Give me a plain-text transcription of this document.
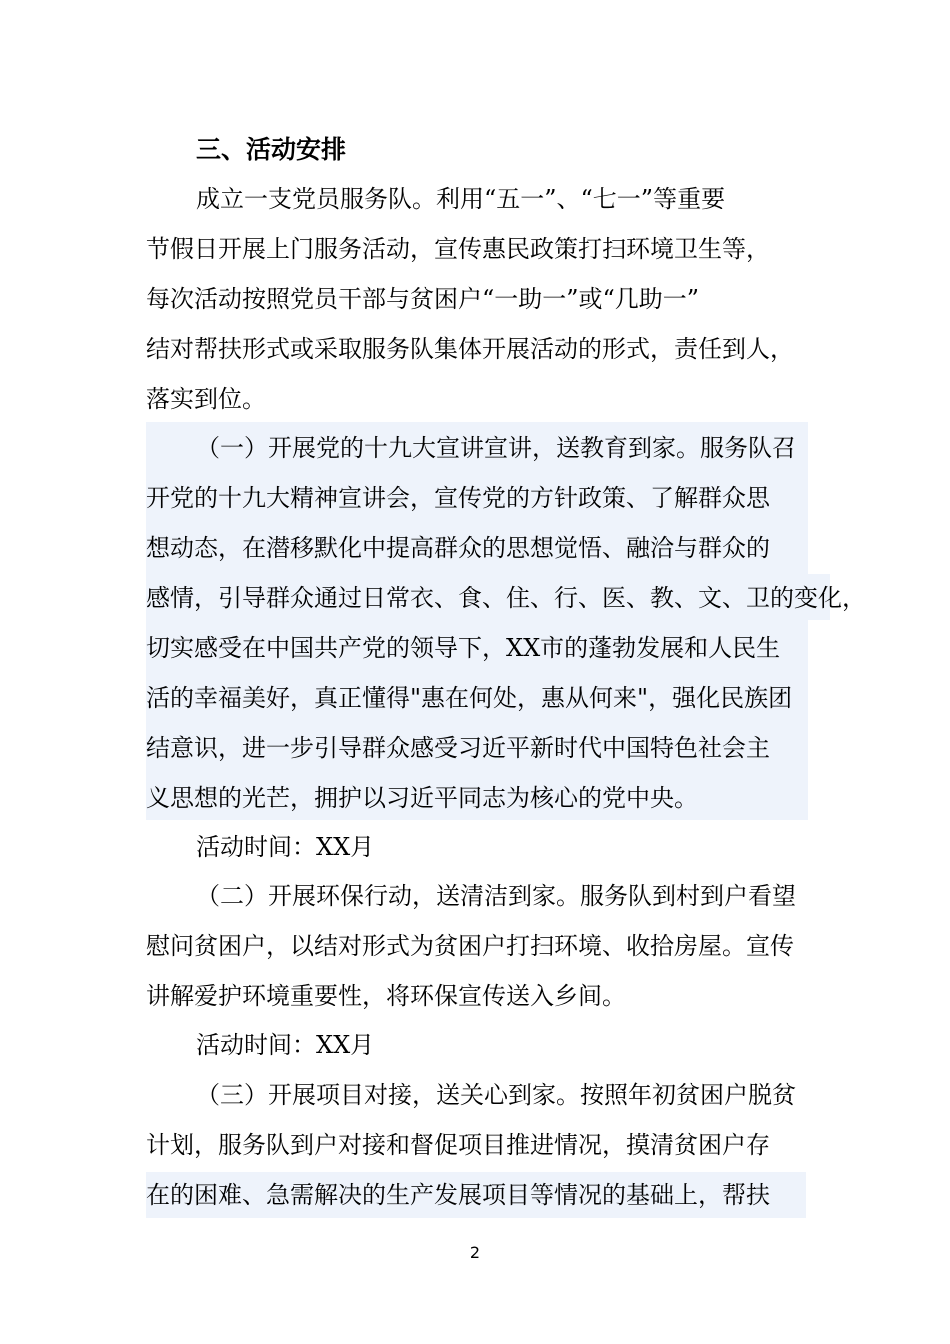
三、活动安排
成立一支党员服务队。利用“五一”、“七一”等重要
节假日开展上门服务活动，宣传惠民政策打扫环境卫生等，
每次活动按照党员干部与贫困户“一助一”或“几助一”
结对帮扶形式或采取服务队集体开展活动的形式，责任到人，
落实到位。
（一）开展党的十九大宣讲宣讲，送教育到家。服务队召
开党的十九大精神宣讲会，宣传党的方针政策、了解群众思
想动态，在潜移默化中提高群众的思想觉悟、融洽与群众的
感情，引导群众通过日常衣、食、住、行、医、教、文、卫的变化，
切实感受在中国共产党的领导下，XX市的蓬勃发展和人民生
活的幸福美好，真正懂得"惠在何处，惠从何来"，强化民族团
结意识，进一步引导群众感受习近平新时代中国特色社会主
义思想的光芒，拥护以习近平同志为核心的党中央。
活动时间：XX月
（二）开展环保行动，送清洁到家。服务队到村到户看望
慰问贫困户，以结对形式为贫困户打扫环境、收拾房屋。宣传
讲解爱护环境重要性，将环保宣传送入乡间。
活动时间：XX月
（三）开展项目对接，送关心到家。按照年初贫困户脱贫
计划，服务队到户对接和督促项目推进情况，摸清贫困户存
在的困难、急需解决的生产发展项目等情况的基础上，帮扶
2
